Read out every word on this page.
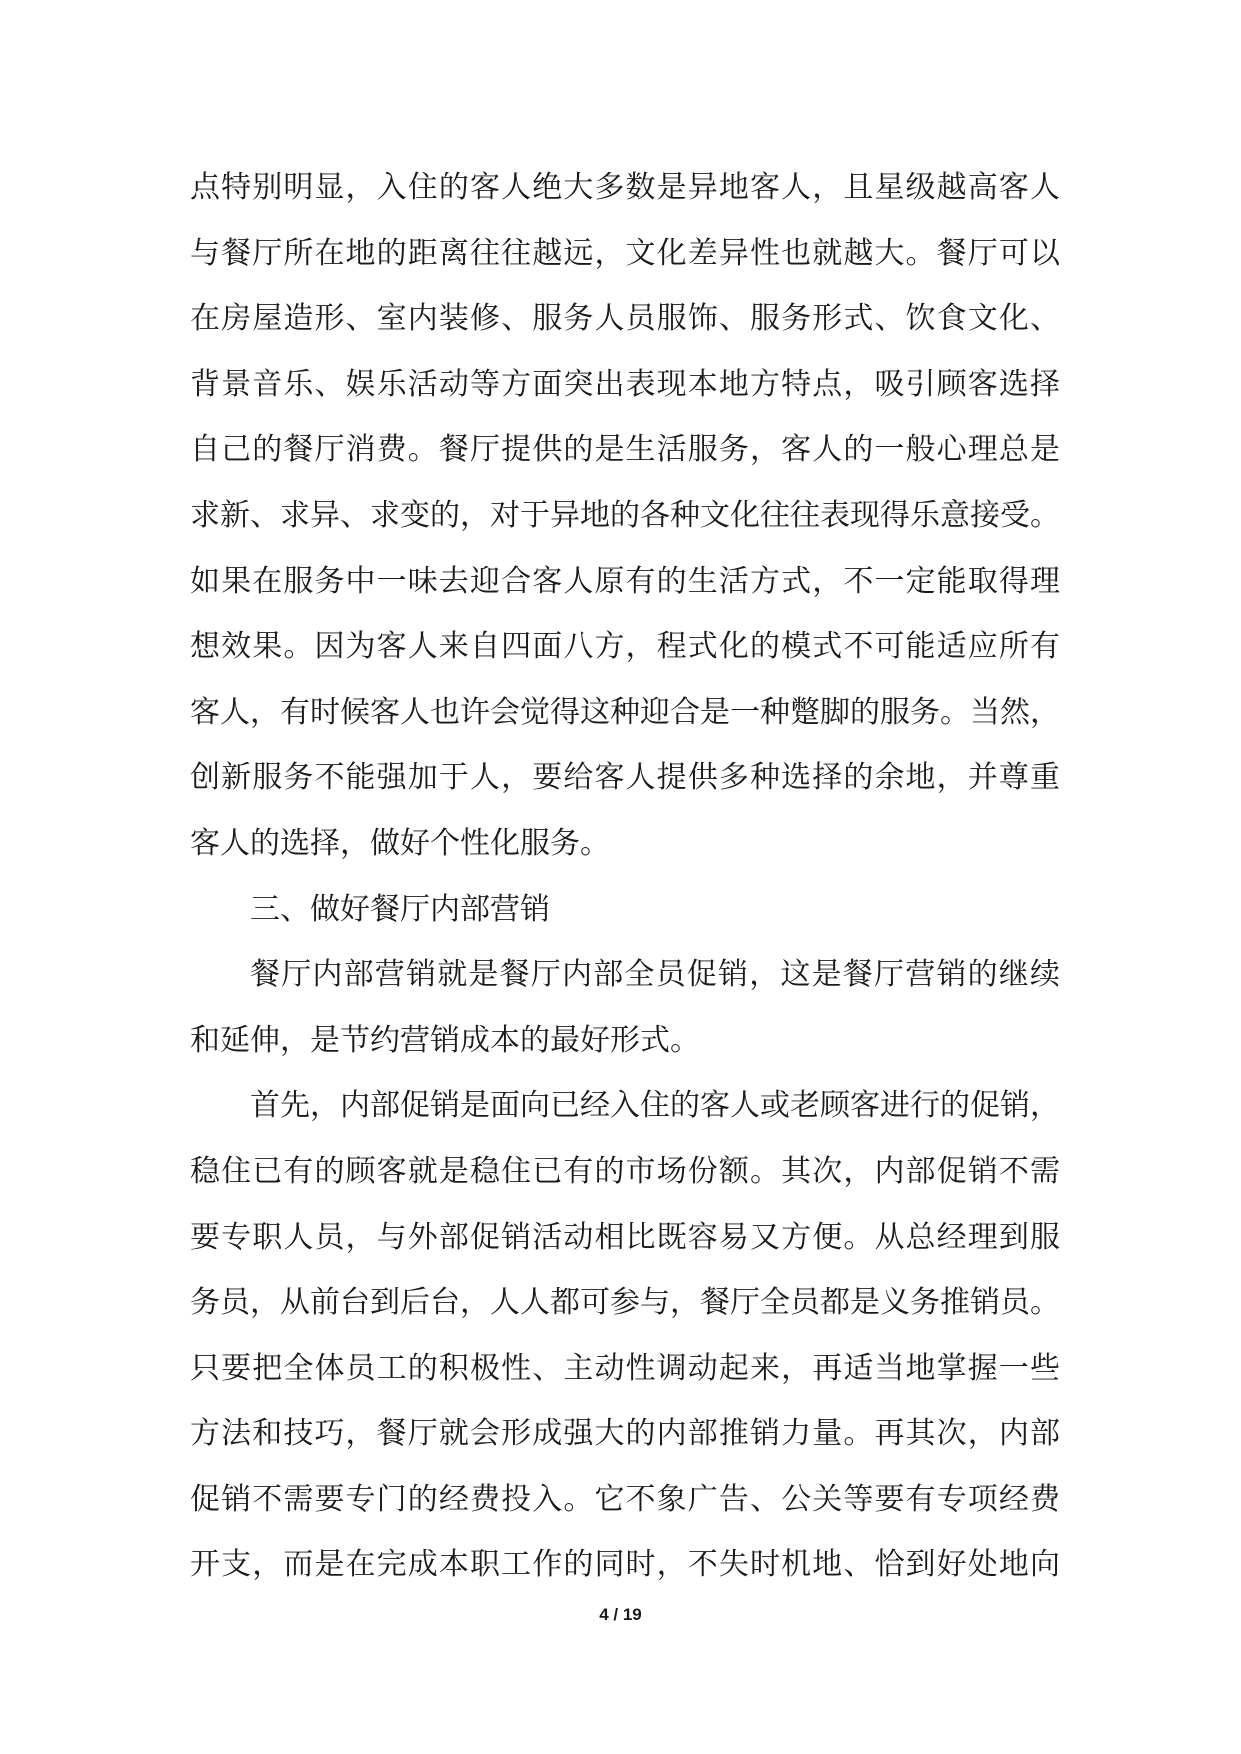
点特别明显，入住的客人绝大多数是异地客人，且星级越高客人
与餐厅所在地的距离往往越远，文化差异性也就越大。餐厅可以
在房屋造形、室内装修、服务人员服饰、服务形式、饮食文化、
背景音乐、娱乐活动等方面突出表现本地方特点，吸引顾客选择
自己的餐厅消费。餐厅提供的是生活服务，客人的一般心理总是
求新、求异、求变的，对于异地的各种文化往往表现得乐意接受。
如果在服务中一味去迎合客人原有的生活方式，不一定能取得理
想效果。因为客人来自四面八方，程式化的模式不可能适应所有
客人，有时候客人也许会觉得这种迎合是一种蹩脚的服务。当然，
创新服务不能强加于人，要给客人提供多种选择的余地，并尊重
客人的选择，做好个性化服务。
三、做好餐厅内部营销
餐厅内部营销就是餐厅内部全员促销，这是餐厅营销的继续
和延伸，是节约营销成本的最好形式。
首先，内部促销是面向已经入住的客人或老顾客进行的促销，
稳住已有的顾客就是稳住已有的市场份额。其次，内部促销不需
要专职人员，与外部促销活动相比既容易又方便。从总经理到服
务员，从前台到后台，人人都可参与，餐厅全员都是义务推销员。
只要把全体员工的积极性、主动性调动起来，再适当地掌握一些
方法和技巧，餐厅就会形成强大的内部推销力量。再其次，内部
促销不需要专门的经费投入。它不象广告、公关等要有专项经费
开支，而是在完成本职工作的同时，不失时机地、恰到好处地向
4 / 19
